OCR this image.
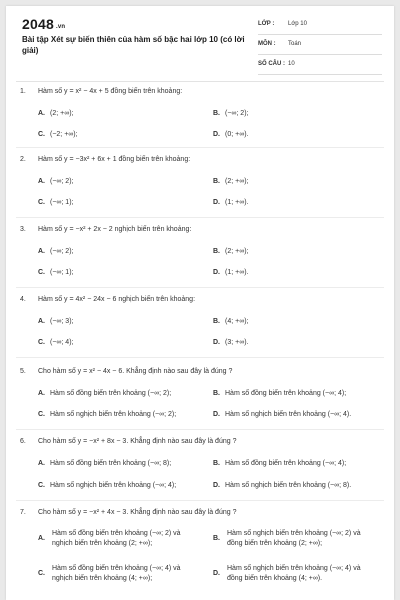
2048 .vn
Bài tập Xét sự biến thiên của hàm số bậc hai lớp 10 (có lời giải)
LỚP : Lớp 10
MÔN : Toán
SỐ CÂU : 10
1. Hàm số y = x² − 4x + 5 đồng biến trên khoảng:
A. (2; +∞);	B. (−∞; 2);
C. (−2; +∞);	D. (0; +∞).
2. Hàm số y = −3x² + 6x + 1 đồng biến trên khoảng:
A. (−∞; 2);	B. (2; +∞);
C. (−∞; 1);	D. (1; +∞).
3. Hàm số y = −x² + 2x − 2 nghịch biến trên khoảng:
A. (−∞; 2);	B. (2; +∞);
C. (−∞; 1);	D. (1; +∞).
4. Hàm số y = 4x² − 24x − 6 nghịch biến trên khoảng:
A. (−∞; 3);	B. (4; +∞);
C. (−∞; 4);	D. (3; +∞).
5. Cho hàm số y = x² − 4x − 6. Khẳng định nào sau đây là đúng ?
A. Hàm số đồng biến trên khoảng (−∞; 2);	B. Hàm số đồng biến trên khoảng (−∞; 4);
C. Hàm số nghịch biến trên khoảng (−∞; 2);	D. Hàm số nghịch biến trên khoảng (−∞; 4).
6. Cho hàm số y = −x² + 8x − 3. Khẳng định nào sau đây là đúng ?
A. Hàm số đồng biến trên khoảng (−∞; 8);	B. Hàm số đồng biến trên khoảng (−∞; 4);
C. Hàm số nghịch biến trên khoảng (−∞; 4);	D. Hàm số nghịch biến trên khoảng (−∞; 8).
7. Cho hàm số y = −x² + 4x − 3. Khẳng định nào sau đây là đúng ?
A.
Hàm số đồng biến trên khoảng (−∞; 2) và nghịch biến trên khoảng (2; +∞);
B.
Hàm số nghịch biến trên khoảng (−∞; 2) và đồng biến trên khoảng (2; +∞);
C.
Hàm số đồng biến trên khoảng (−∞; 4) và nghịch biến trên khoảng (4; +∞);
D.
Hàm số nghịch biến trên khoảng (−∞; 4) và đồng biến trên khoảng (4; +∞).
